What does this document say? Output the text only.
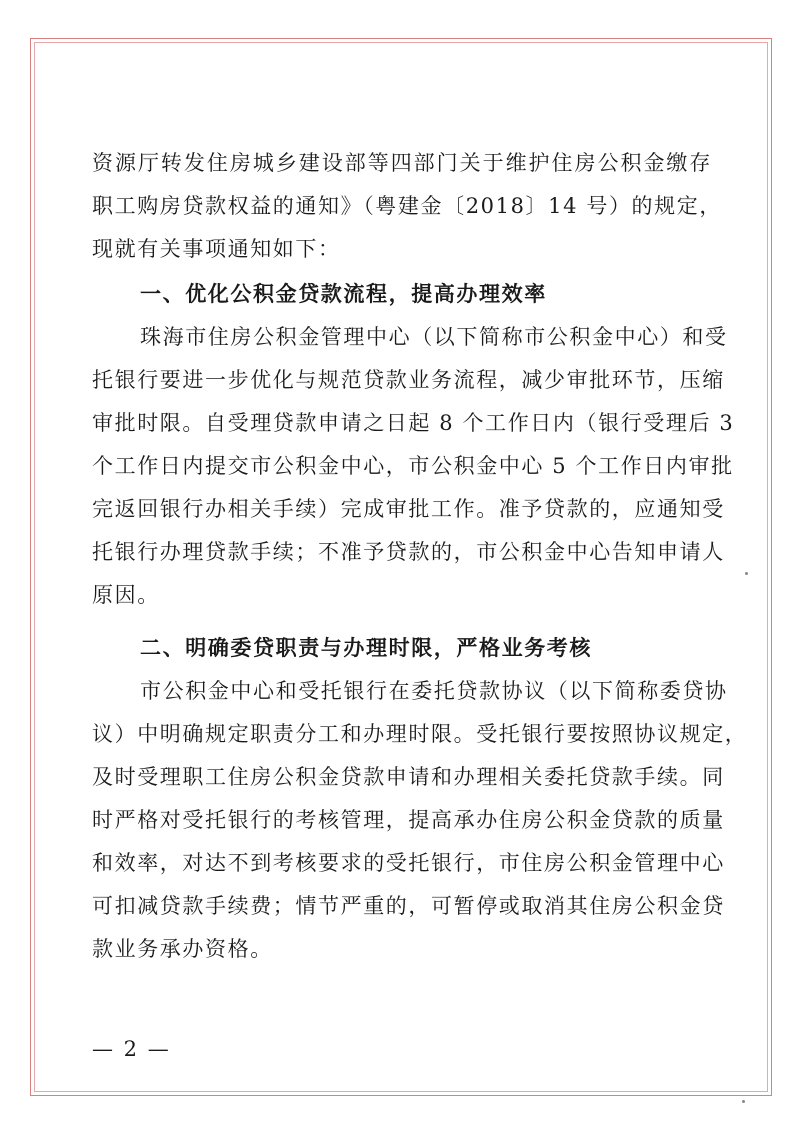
资源厅转发住房城乡建设部等四部门关于维护住房公积金缴存
职工购房贷款权益的通知》（粤建金〔2018〕14 号）的规定，
现就有关事项通知如下：
一、优化公积金贷款流程，提高办理效率
珠海市住房公积金管理中心（以下简称市公积金中心）和受
托银行要进一步优化与规范贷款业务流程，减少审批环节，压缩
审批时限。自受理贷款申请之日起 8 个工作日内（银行受理后 3
个工作日内提交市公积金中心，市公积金中心 5 个工作日内审批
完返回银行办相关手续）完成审批工作。准予贷款的，应通知受
托银行办理贷款手续；不准予贷款的，市公积金中心告知申请人
原因。
二、明确委贷职责与办理时限，严格业务考核
市公积金中心和受托银行在委托贷款协议（以下简称委贷协
议）中明确规定职责分工和办理时限。受托银行要按照协议规定，
及时受理职工住房公积金贷款申请和办理相关委托贷款手续。同
时严格对受托银行的考核管理，提高承办住房公积金贷款的质量
和效率，对达不到考核要求的受托银行，市住房公积金管理中心
可扣减贷款手续费；情节严重的，可暂停或取消其住房公积金贷
款业务承办资格。
— 2 —
